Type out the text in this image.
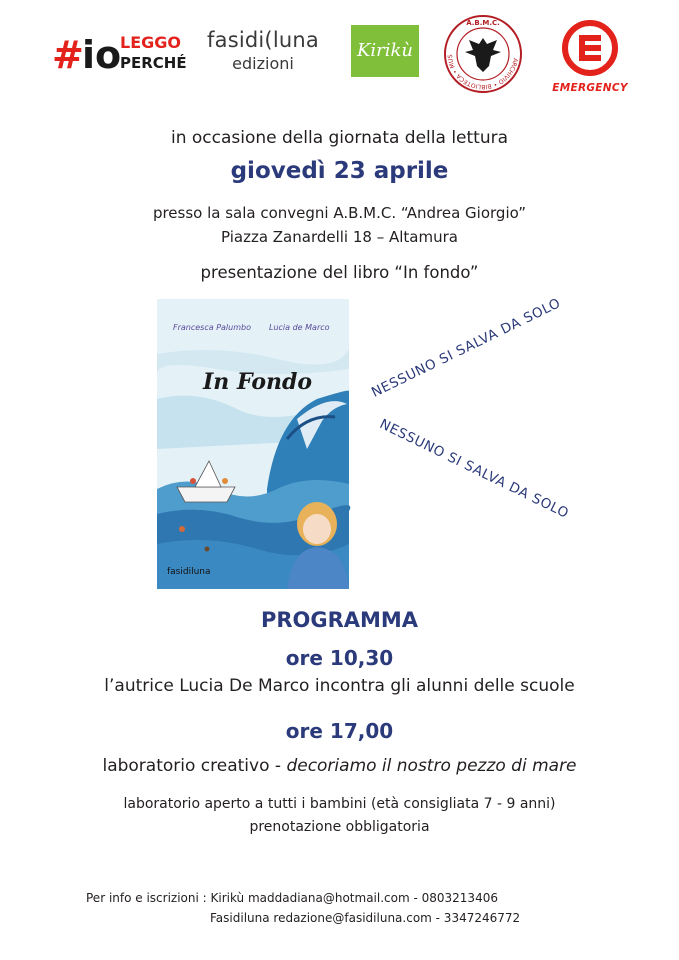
#
io
LEGGO
PERCHÉ
fasidi(luna
edizioni
Kirikù	ARCHIVIO • BIBLIOTECA • MUS
A.B.M.C.
EMERGENCY
in occasione della giornata della lettura
giovedì 23 aprile
presso la sala convegni A.B.M.C. “Andrea Giorgio”
Piazza Zanardelli 18 – Altamura
presentazione del libro “In fondo”
Francesca Palumbo Lucia de Marco
In Fondo
fasidiluna
NESSUNO SI SALVA DA SOLO
NESSUNO SI SALVA DA SOLO
PROGRAMMA
ore 10,30
l’autrice Lucia De Marco incontra gli alunni delle scuole
ore 17,00
laboratorio creativo - decoriamo il nostro pezzo di mare
laboratorio aperto a tutti i bambini (età consigliata 7 - 9 anni)
prenotazione obbligatoria
Per info e iscrizioni : Kirikù maddadiana@hotmail.com - 0803213406
Fasidiluna redazione@fasidiluna.com - 3347246772
